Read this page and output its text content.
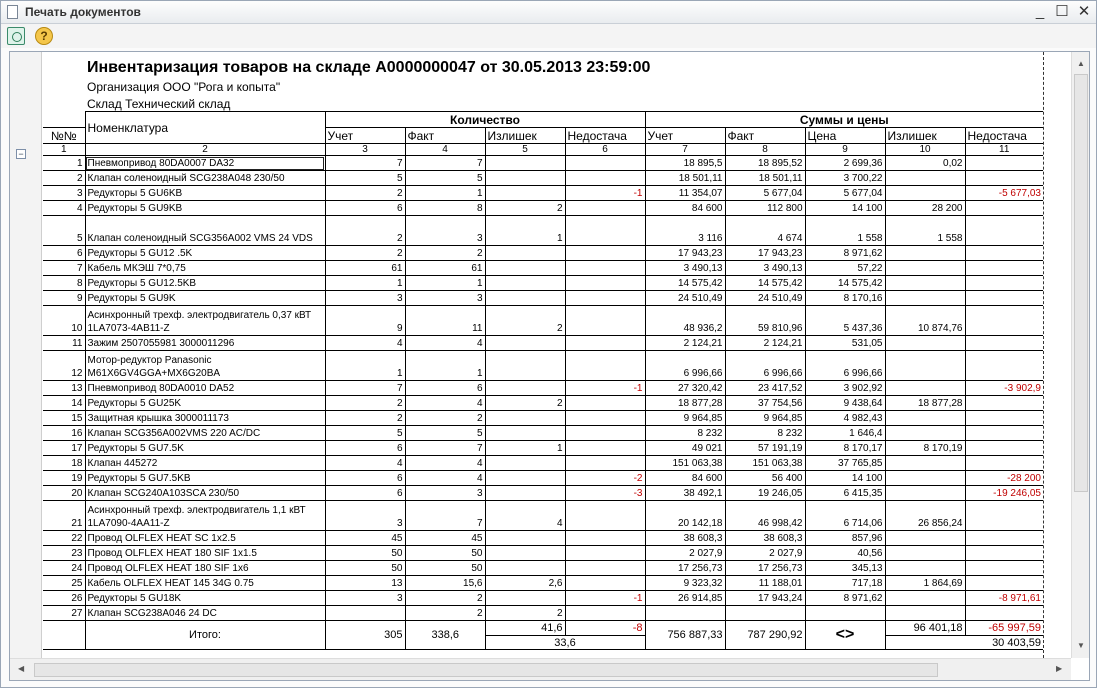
Печать документов	_ ☐ ✕
?
−
Инвентаризация товаров на складе А0000000047 от 30.05.2013 23:59:00
Организация ООО "Рога и копыта"
Склад Технический склад
	Номенклатура	Количество				Суммы и цены				
№№		Учет	Факт	Излишек	Недостача	Учет	Факт	Цена	Излишек	Недостача
1	2	3	4	5	6	7	8	9	10	11
1	Пневмопривод 80DA0007 DA32	7	7			18 895,5	18 895,52	2 699,36	0,02	
2	Клапан соленоидный SCG238A048 230/50	5	5			18 501,11	18 501,11	3 700,22		
3	Редукторы 5 GU6KB	2	1		-1	11 354,07	5 677,04	5 677,04		-5 677,03
4	Редукторы 5 GU9KB	6	8	2		84 600	112 800	14 100	28 200	
5	Клапан соленоидный SCG356A002 VMS 24 VDS	2	3	1		3 116	4 674	1 558	1 558	
6	Редукторы 5 GU12 .5K	2	2			17 943,23	17 943,23	8 971,62		
7	Кабель МКЭШ 7*0,75	61	61			3 490,13	3 490,13	57,22		
8	Редукторы 5 GU12.5KB	1	1			14 575,42	14 575,42	14 575,42		
9	Редукторы 5 GU9K	3	3			24 510,49	24 510,49	8 170,16		
10	Асинхронный трехф. электродвигатель 0,37 кВТ 1LA7073-4AB11-Z	9	11	2		48 936,2	59 810,96	5 437,36	10 874,76	
11	Зажим 2507055981 3000011296	4	4			2 124,21	2 124,21	531,05		
12	Мотор-редуктор Panasonic M61X6GV4GGA+MX6G20BA	1	1			6 996,66	6 996,66	6 996,66		
13	Пневмопривод 80DA0010 DA52	7	6		-1	27 320,42	23 417,52	3 902,92		-3 902,9
14	Редукторы 5 GU25K	2	4	2		18 877,28	37 754,56	9 438,64	18 877,28	
15	Защитная крышка 3000011173	2	2			9 964,85	9 964,85	4 982,43		
16	Клапан SCG356A002VMS 220 AC/DC	5	5			8 232	8 232	1 646,4		
17	Редукторы 5 GU7.5K	6	7	1		49 021	57 191,19	8 170,17	8 170,19	
18	Клапан 445272	4	4			151 063,38	151 063,38	37 765,85		
19	Редукторы 5 GU7.5KB	6	4		-2	84 600	56 400	14 100		-28 200
20	Клапан SCG240A103SCA 230/50	6	3		-3	38 492,1	19 246,05	6 415,35		-19 246,05
21	Асинхронный трехф. электродвигатель 1,1 кВТ 1LA7090-4AA11-Z	3	7	4		20 142,18	46 998,42	6 714,06	26 856,24	
22	Провод OLFLEX HEAT SC 1x2.5	45	45			38 608,3	38 608,3	857,96		
23	Провод OLFLEX HEAT 180 SIF 1x1.5	50	50			2 027,9	2 027,9	40,56		
24	Провод OLFLEX HEAT 180 SIF 1x6	50	50			17 256,73	17 256,73	345,13		
25	Кабель OLFLEX HEAT 145 34G 0.75	13	15,6	2,6		9 323,32	11 188,01	717,18	1 864,69	
26	Редукторы 5 GU18K	3	2		-1	26 914,85	17 943,24	8 971,62		-8 971,61
27	Клапан SCG238A046 24 DC		2	2						
	Итого:	305	338,6	41,6	-8	756 887,33	787 290,92	<>	96 401,18	-65 997,59
				33,6					30 403,59	
▲
▼
◀	▶
